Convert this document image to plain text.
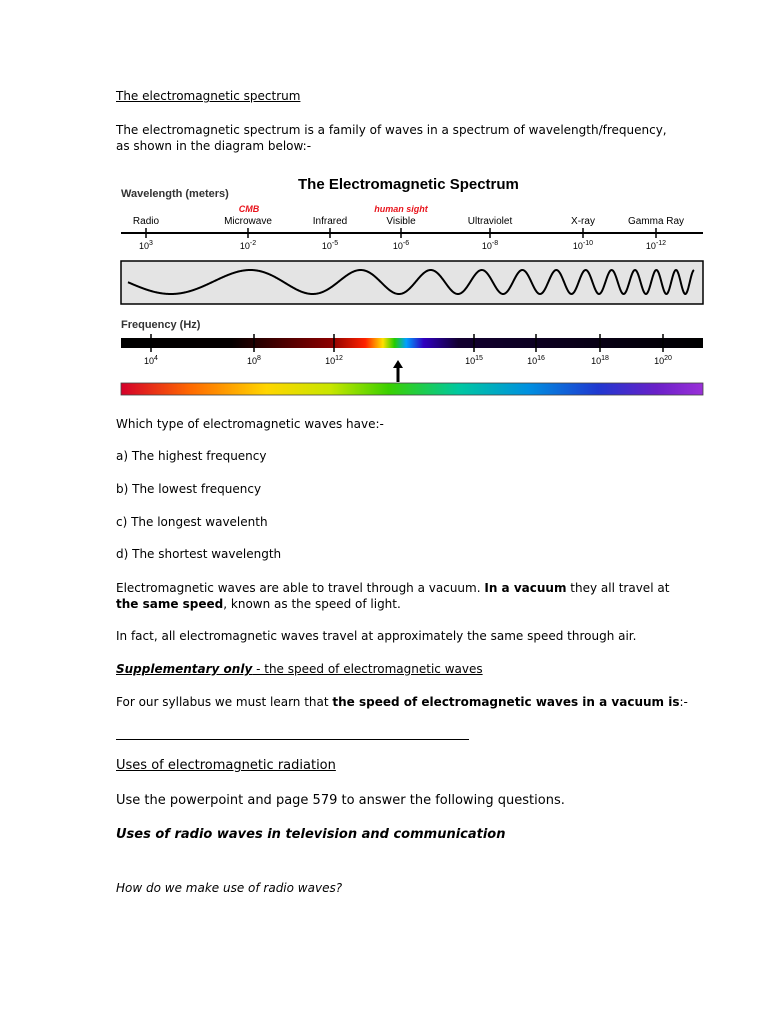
The electromagnetic spectrum
The electromagnetic spectrum is a family of waves in a spectrum of wavelength/frequency,
as shown in the diagram below:-
The Electromagnetic Spectrum
Wavelength (meters)
CMB	human sight
Radio	Microwave	Infrared	Visible	Ultraviolet	X-ray	Gamma Ray
$10^3$	$10^{-2}$	$10^{-5}$	$10^{-6}$	$10^{-8}$	$10^{-10}$	$10^{-12}$
Frequency (Hz)
$10^4$	$10^8$	$10^{12}$	$10^{15}$	$10^{16}$	$10^{18}$	$10^{20}$
Which type of electromagnetic waves have:-
a) The highest frequency
b) The lowest frequency
c) The longest wavelenth
d) The shortest wavelength
Electromagnetic waves are able to travel through a vacuum. In a vacuum they all travel at
the same speed, known as the speed of light.
In fact, all electromagnetic waves travel at approximately the same speed through air.
Supplementary only - the speed of electromagnetic waves
For our syllabus we must learn that the speed of electromagnetic waves in a vacuum is:-
Uses of electromagnetic radiation
Use the powerpoint and page 579 to answer the following questions.
Uses of radio waves in television and communication
How do we make use of radio waves?
